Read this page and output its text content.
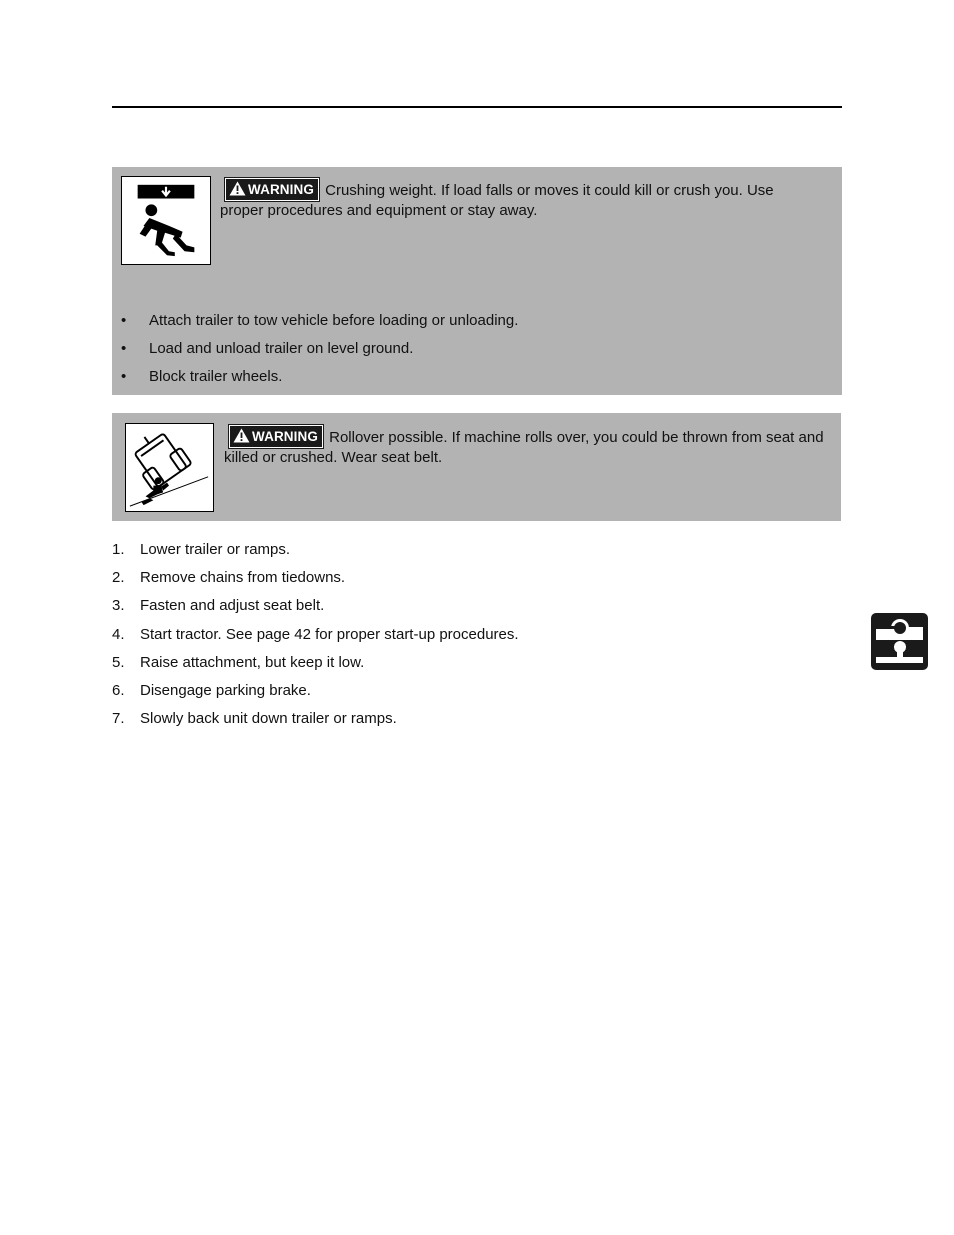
WARNING Crushing weight. If load falls or moves it could kill or crush you. Use proper procedures and equipment or stay away.
• Attach trailer to tow vehicle before loading or unloading.
• Load and unload trailer on level ground.
• Block trailer wheels.
WARNING Rollover possible. If machine rolls over, you could be thrown from seat and killed or crushed. Wear seat belt.
1. Lower trailer or ramps.
2. Remove chains from tiedowns.
3. Fasten and adjust seat belt.
4. Start tractor. See page 42 for proper start-up procedures.
5. Raise attachment, but keep it low.
6. Disengage parking brake.
7. Slowly back unit down trailer or ramps.
